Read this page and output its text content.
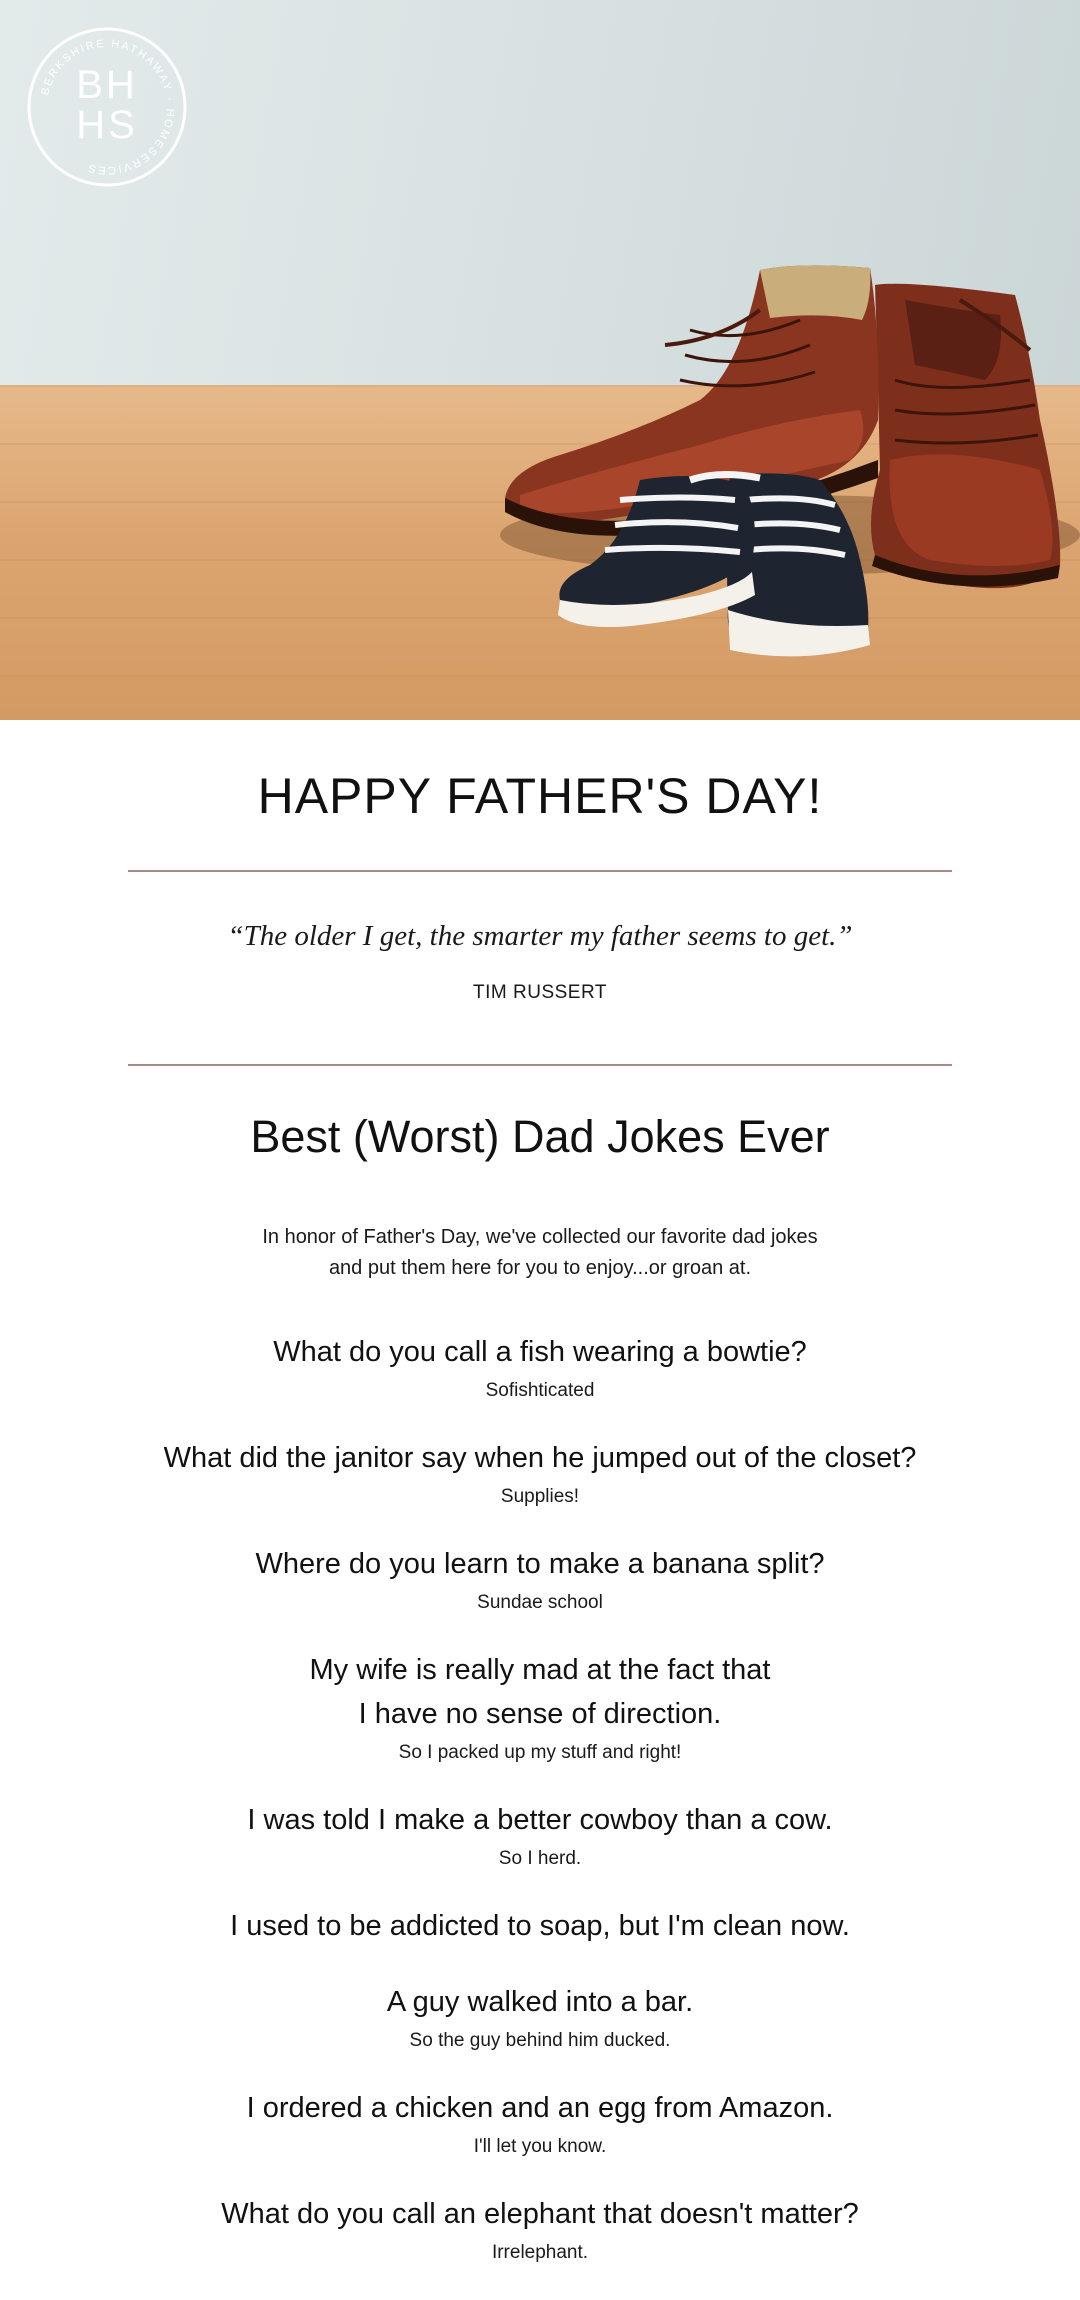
BERKSHIRE HATHAWAY · HOMESERVICES
BH
HS
HAPPY FATHER'S DAY!

“The older I get, the smarter my father seems to get.”

TIM RUSSERT
Best (Worst) Dad Jokes Ever
In honor of Father's Day, we've collected our favorite dad jokes
and put them here for you to enjoy...or groan at.
What do you call a fish wearing a bowtie?
Sofishticated
What did the janitor say when he jumped out of the closet?
Supplies!
Where do you learn to make a banana split?
Sundae school
My wife is really mad at the fact that
I have no sense of direction.
So I packed up my stuff and right!
I was told I make a better cowboy than a cow.
So I herd.
I used to be addicted to soap, but I'm clean now.
A guy walked into a bar.
So the guy behind him ducked.
I ordered a chicken and an egg from Amazon.
I'll let you know.
What do you call an elephant that doesn't matter?
Irrelephant.
